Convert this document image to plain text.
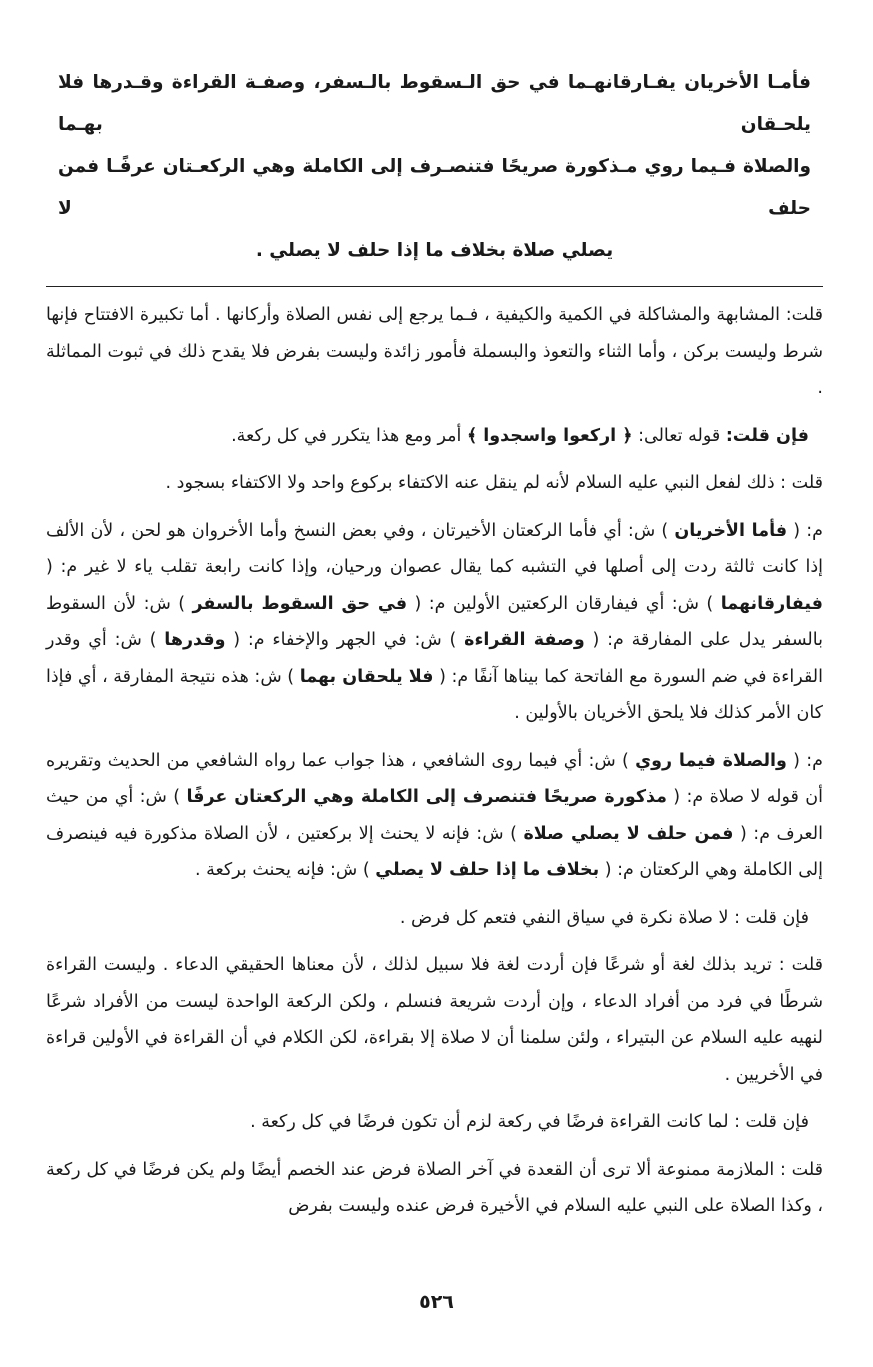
فأمـا الأخريان يفـارقانهـما في حق الـسقوط بالـسفر، وصفـة القراءة وقـدرها فلا يلحـقان بهـما
والصلاة فـيما روي مـذكورة صريحًا فتنصـرف إلى الكاملة وهي الركعـتان عرفًـا فمن حلف لا
يصلي صلاة بخلاف ما إذا حلف لا يصلي .

قلت: المشابهة والمشاكلة في الكمية والكيفية ، فـما يرجع إلى نفس الصلاة وأركانها . أما تكبيرة الافتتاح فإنها شرط وليست بركن ، وأما الثناء والتعوذ والبسملة فأمور زائدة وليست بفرض فلا يقدح ذلك في ثبوت المماثلة .

فإن قلت: قوله تعالى: ﴿ اركعوا واسجدوا ﴾ أمر ومع هذا يتكرر في كل ركعة.

قلت : ذلك لفعل النبي عليه السلام لأنه لم ينقل عنه الاكتفاء بركوع واحد ولا الاكتفاء بسجود .

م: ( فأما الأخريان ) ش: أي فأما الركعتان الأخيرتان ، وفي بعض النسخ وأما الأخروان هو لحن ، لأن الألف إذا كانت ثالثة ردت إلى أصلها في التشبه كما يقال عصوان ورحيان، وإذا كانت رابعة تقلب ياء لا غير م: ( فيفارقانهما ) ش: أي فيفارقان الركعتين الأولين م: ( في حق السقوط بالسفر ) ش: لأن السقوط بالسفر يدل على المفارقة م: ( وصفة القراءة ) ش: في الجهر والإخفاء م: ( وقدرها ) ش: أي وقدر القراءة في ضم السورة مع الفاتحة كما بيناها آنفًا م: ( فلا يلحقان بهما ) ش: هذه نتيجة المفارقة ، أي فإذا كان الأمر كذلك فلا يلحق الأخريان بالأولين .

م: ( والصلاة فيما روي ) ش: أي فيما روى الشافعي ، هذا جواب عما رواه الشافعي من الحديث وتقريره أن قوله لا صلاة م: ( مذكورة صريحًا فتنصرف إلى الكاملة وهي الركعتان عرفًا ) ش: أي من حيث العرف م: ( فمن حلف لا يصلي صلاة ) ش: فإنه لا يحنث إلا بركعتين ، لأن الصلاة مذكورة فيه فينصرف إلى الكاملة وهي الركعتان م: ( بخلاف ما إذا حلف لا يصلي ) ش: فإنه يحنث بركعة .

فإن قلت : لا صلاة نكرة في سياق النفي فتعم كل فرض .

قلت : تريد بذلك لغة أو شرعًا فإن أردت لغة فلا سبيل لذلك ، لأن معناها الحقيقي الدعاء . وليست القراءة شرطًا في فرد من أفراد الدعاء ، وإن أردت شريعة فنسلم ، ولكن الركعة الواحدة ليست من الأفراد شرعًا لنهيه عليه السلام عن البتيراء ، ولئن سلمنا أن لا صلاة إلا بقراءة، لكن الكلام في أن القراءة في الأولين قراءة في الأخريين .

فإن قلت : لما كانت القراءة فرضًا في ركعة لزم أن تكون فرضًا في كل ركعة .

قلت : الملازمة ممنوعة ألا ترى أن القعدة في آخر الصلاة فرض عند الخصم أيضًا ولم يكن فرضًا في كل ركعة ، وكذا الصلاة على النبي عليه السلام في الأخيرة فرض عنده وليست بفرض

٥٢٦
